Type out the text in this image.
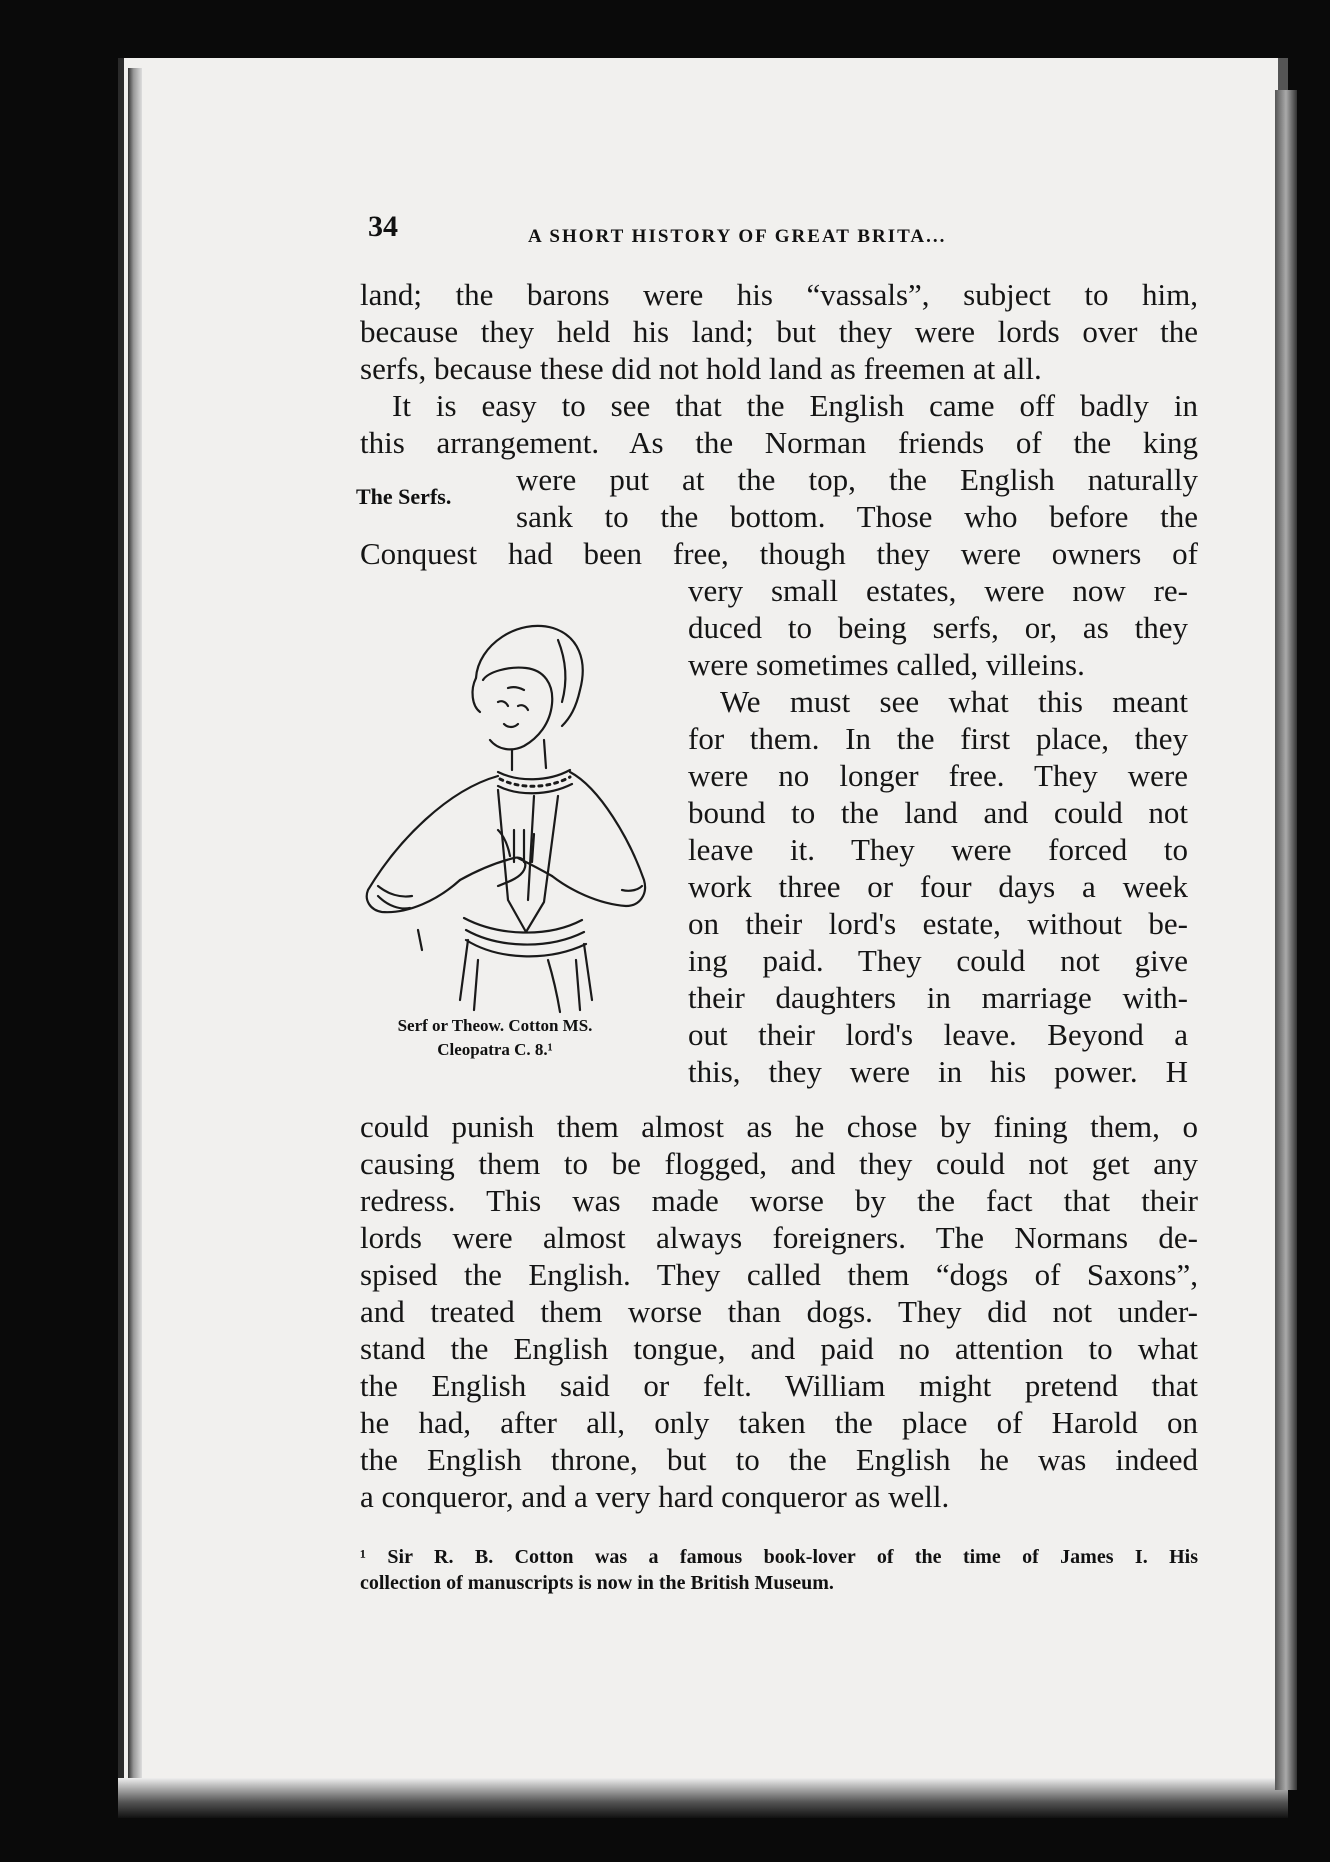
34	A SHORT HISTORY OF GREAT BRITA...
land; the barons were his “vassals”, subject to him,
because they held his land; but they were lords over the
serfs, because these did not hold land as freemen at all.
It is easy to see that the English came off badly in
this arrangement. As the Norman friends of the king
The Serfs. were put at the top, the English naturally
sank to the bottom. Those who before the
Conquest had been free, though they were owners of
very small estates, were now re-
duced to being serfs, or, as they
were sometimes called, villeins.
We must see what this meant
for them. In the first place, they
were no longer free. They were
bound to the land and could not
leave it. They were forced to
work three or four days a week
on their lord's estate, without be-
ing paid. They could not give
their daughters in marriage with-
out their lord's leave. Beyond a
this, they were in his power. H
Serf or Theow. Cotton MS.
Cleopatra C. 8.¹
could punish them almost as he chose by fining them, o
causing them to be flogged, and they could not get any
redress. This was made worse by the fact that their
lords were almost always foreigners. The Normans de-
spised the English. They called them “dogs of Saxons”,
and treated them worse than dogs. They did not under-
stand the English tongue, and paid no attention to what
the English said or felt. William might pretend that
he had, after all, only taken the place of Harold on
the English throne, but to the English he was indeed
a conqueror, and a very hard conqueror as well.
¹ Sir R. B. Cotton was a famous book-lover of the time of James I. His
collection of manuscripts is now in the British Museum.
